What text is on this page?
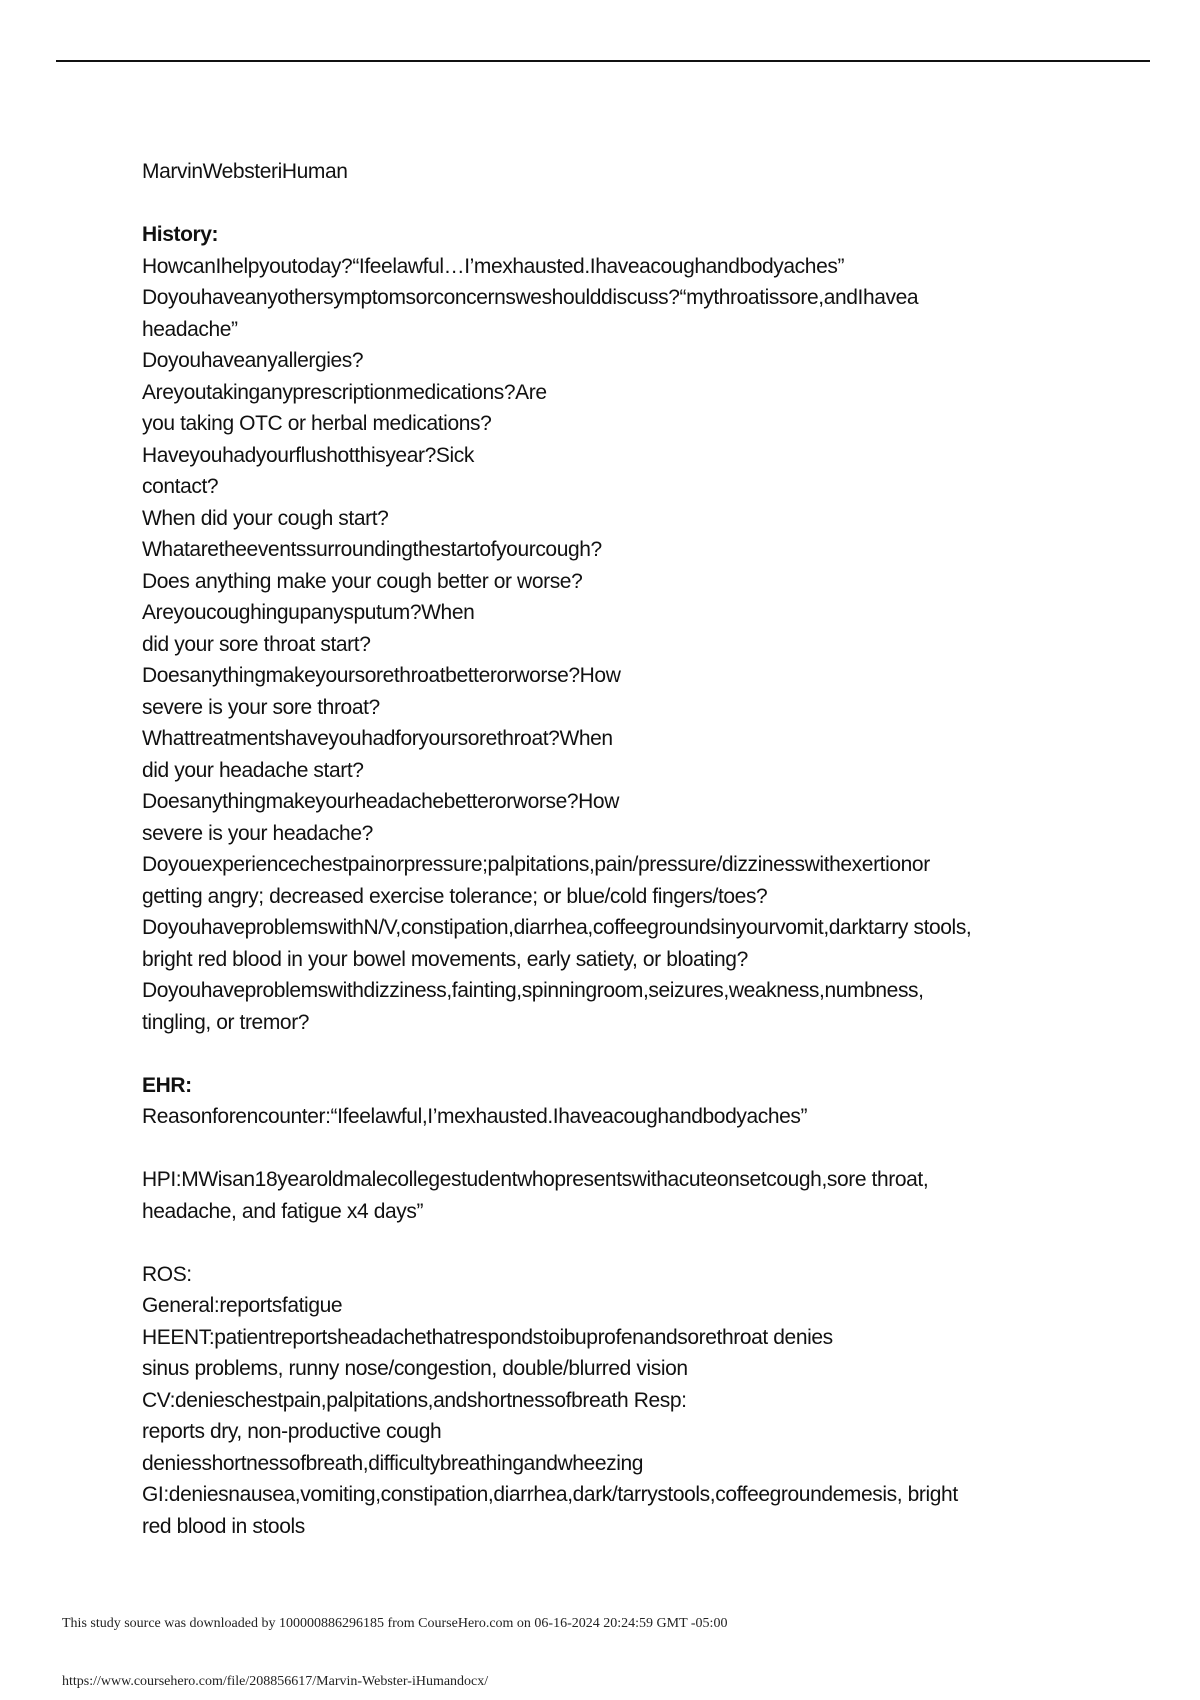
MarvinWebsteriHuman
History:
HowcanIhelpyoutoday?“Ifeelawful…I’mexhausted.Ihaveacoughandbodyaches”
Doyouhaveanyothersymptomsorconcernsweshoulddiscuss?“mythroatissore,andIhavea
headache”
Doyouhaveanyallergies?
Areyoutakinganyprescriptionmedications?Are
you taking OTC or herbal medications?
Haveyouhadyourflushotthisyear?Sick
contact?
When did your cough start?
Whataretheeventssurroundingthestartofyourcough?
Does anything make your cough better or worse?
Areyoucoughingupanysputum?When
did your sore throat start?
Doesanythingmakeyoursorethroatbetterorworse?How
severe is your sore throat?
Whattreatmentshaveyouhadforyoursorethroat?When
did your headache start?
Doesanythingmakeyourheadachebetterorworse?How
severe is your headache?
Doyouexperiencechestpainorpressure;palpitations,pain/pressure/dizzinesswithexertionor
getting angry; decreased exercise tolerance; or blue/cold fingers/toes?
DoyouhaveproblemswithN/V,constipation,diarrhea,coffeegroundsinyourvomit,darktarry stools,
bright red blood in your bowel movements, early satiety, or bloating?
Doyouhaveproblemswithdizziness,fainting,spinningroom,seizures,weakness,numbness,
tingling, or tremor?
EHR:
Reasonforencounter:“Ifeelawful,I’mexhausted.Ihaveacoughandbodyaches”
HPI:MWisan18yearoldmalecollegestudentwhopresentswithacuteonsetcough,sore throat,
headache, and fatigue x4 days”
ROS:
General:reportsfatigue
HEENT:patientreportsheadachethatrespondstoibuprofenandsorethroat denies
sinus problems, runny nose/congestion, double/blurred vision
CV:denieschestpain,palpitations,andshortnessofbreath Resp:
reports dry, non-productive cough
deniesshortnessofbreath,difficultybreathingandwheezing
GI:deniesnausea,vomiting,constipation,diarrhea,dark/tarrystools,coffeegroundemesis, bright
red blood in stools
This study source was downloaded by 100000886296185 from CourseHero.com on 06-16-2024 20:24:59 GMT -05:00
https://www.coursehero.com/file/208856617/Marvin-Webster-iHumandocx/
